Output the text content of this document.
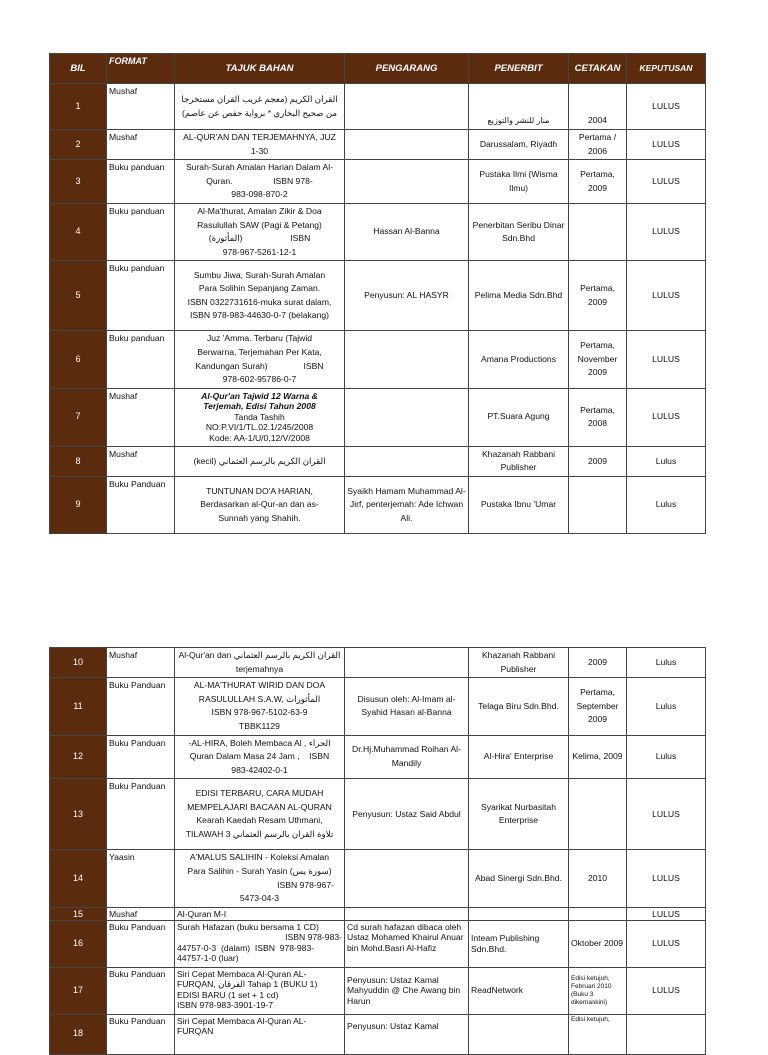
BIL	FORMAT	TAJUK BAHAN	PENGARANG	PENERBIT	CETAKAN	KEPUTUSAN
1	Mushaf	القران الكريم (معجم غريب القران مستخرجا
من صحيح البخاري * برواية حفص عن عاصم)		منار للنشر والتوزيع	2004	LULUS
2	Mushaf	AL-QUR'AN DAN TERJEMAHNYA, JUZ
1-30		Darussalam, Riyadh	Pertama / 2006	LULUS
3	Buku panduan	Surah-Surah Amalan Harian Dalam Al-
Quran.                 ISBN 978-
983-098-870-2		Pustaka Ilmi (Wisma Ilmu)	Pertama, 2009	LULUS
4	Buku panduan	Al-Ma'thurat, Amalan Zikir & Doa
Rasulullah SAW (Pagi & Petang)
(المأثورة)                    ISBN
978-967-5261-12-1	Hassan Al-Banna	Penerbitan Seribu Dinar Sdn.Bhd		LULUS
5	Buku panduan	Sumbu Jiwa, Surah-Surah Amalan
Para Solihin Sepanjang Zaman.
ISBN 0322731616-muka surat dalam,
ISBN 978-983-44630-0-7 (belakang)	Penyusun: AL HASYR	Pelima Media Sdn.Bhd	Pertama, 2009	LULUS
6	Buku panduan	Juz 'Amma. Terbaru (Tajwid
Berwarna, Terjemahan Per Kata,
Kandungan Surah)               ISBN
978-602-95786-0-7		Amana Productions	Pertama, November 2009	LULUS
7	Mushaf	Al-Qur'an Tajwid 12 Warna &
Terjemah, Edisi Tahun 2008
Tanda Tashih
NO:P.VI/1/TL.02.1/245/2008
Kode: AA-1/U/0,12/V/2008		PT.Suara Agung	Pertama, 2008	LULUS
8	Mushaf	القران الكريم بالرسم العثماني (kecil)		Khazanah Rabbani Publisher	2009	Lulus
9	Buku Panduan	TUNTUNAN DO'A HARIAN,
Berdasarkan al-Qur-an dan as-
Sunnah yang Shahih.	Syaikh Hamam Muhammad Al-Jirf, penterjemah: Ade Ichwan Ali.	Pustaka Ibnu 'Umar		Lulus
10	Mushaf	Al-Qur'an dan القران الكريم بالرسم العثماني
terjemahnya		Khazanah Rabbani Publisher	2009	Lulus
11	Buku Panduan	AL-MA'THURAT WIRID DAN DOA
RASULULLAH S.A.W, المأثورات
ISBN 978-967-5102-63-9
TBBK1129	Disusun oleh: Al-Imam al-Syahid Hasan al-Banna	Telaga Biru Sdn.Bhd.	Pertama, September 2009	Lulus
12	Buku Panduan	-AL-HIRA, Boleh Membaca Al , الحراء
Quran Dalam Masa 24 Jam ,    ISBN
983-42402-0-1	Dr.Hj.Muhammad Roihan Al-Mandily	Al-Hira' Enterprise	Kelima, 2009	Lulus
13	Buku Panduan	EDISI TERBARU, CARA MUDAH
MEMPELAJARI BACAAN AL-QURAN
Kearah Kaedah Resam Uthmani,
TILAWAH 3 تلاوة القران بالرسم العثماني	Penyusun: Ustaz Said Abdul	Syarikat Nurbasitah Enterprise		LULUS
14	Yaasin	A'MALUS SALIHIN - Koleksi Amalan
Para Salihin - Surah Yasin (سورة يس)
ISBN 978-967-
5473-04-3		Abad Sinergi Sdn.Bhd.	2010	LULUS
15	Mushaf	Al-Quran M-I				LULUS
16	Buku Panduan	Surah Hafazan (buku bersama 1 CD)
ISBN 978-983-
44757-0-3  (dalam)  ISBN  978-983-
44757-1-0 (luar)	Cd surah hafazan dibaca oleh Ustaz Mohamed Khairul Anuar bin Mohd.Basri Al-Hafiz	Inteam Publishing Sdn.Bhd.	Oktober 2009	LULUS
17	Buku Panduan	Siri Cepat Membaca Al-Quran AL-
FURQAN, الفرقان Tahap 1 (BUKU 1)
EDISI BARU (1 set + 1 cd)
ISBN 978-983-3901-19-7	Penyusun: Ustaz Kamal Mahyuddin @ Che Awang bin Harun	ReadNetwork	Edisi ketujuh, Februari 2010 (Buku 3 dikemaskini)	LULUS
18	Buku Panduan	Siri Cepat Membaca Al-Quran AL-
FURQAN	Penyusun: Ustaz Kamal		Edisi ketujuh,	
